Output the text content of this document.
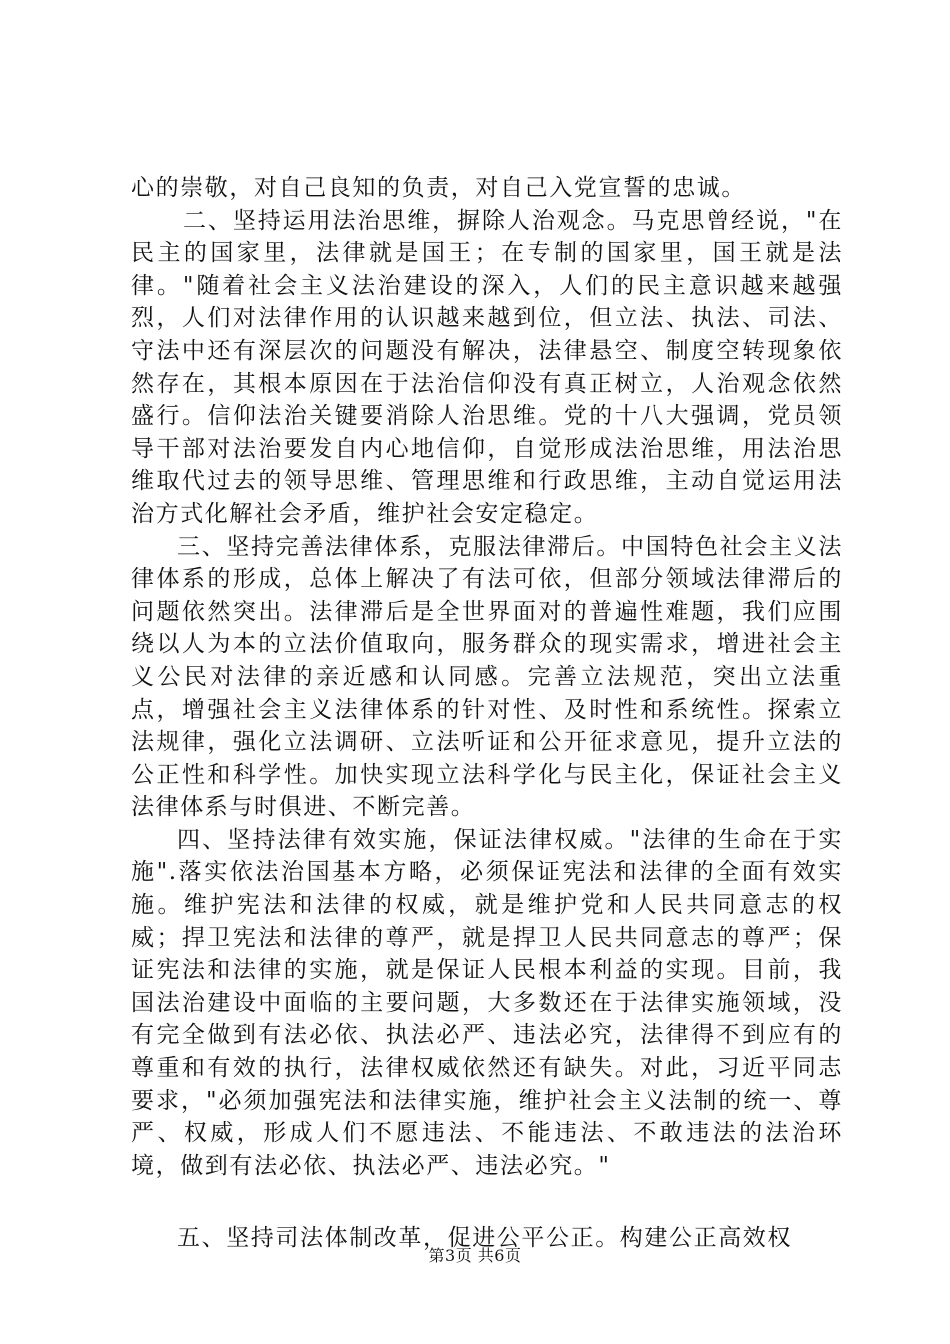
心的崇敬，对自己良知的负责，对自己入党宣誓的忠诚。

二、坚持运用法治思维，摒除人治观念。马克思曾经说，"在民主的国家里，法律就是国王；在专制的国家里，国王就是法律。"随着社会主义法治建设的深入，人们的民主意识越来越强烈，人们对法律作用的认识越来越到位，但立法、执法、司法、守法中还有深层次的问题没有解决，法律悬空、制度空转现象依然存在，其根本原因在于法治信仰没有真正树立，人治观念依然盛行。信仰法治关键要消除人治思维。党的十八大强调，党员领导干部对法治要发自内心地信仰，自觉形成法治思维，用法治思维取代过去的领导思维、管理思维和行政思维，主动自觉运用法治方式化解社会矛盾，维护社会安定稳定。

三、坚持完善法律体系，克服法律滞后。中国特色社会主义法律体系的形成，总体上解决了有法可依，但部分领域法律滞后的问题依然突出。法律滞后是全世界面对的普遍性难题，我们应围绕以人为本的立法价值取向，服务群众的现实需求，增进社会主义公民对法律的亲近感和认同感。完善立法规范，突出立法重点，增强社会主义法律体系的针对性、及时性和系统性。探索立法规律，强化立法调研、立法听证和公开征求意见，提升立法的公正性和科学性。加快实现立法科学化与民主化，保证社会主义法律体系与时俱进、不断完善。

四、坚持法律有效实施，保证法律权威。"法律的生命在于实施".落实依法治国基本方略，必须保证宪法和法律的全面有效实施。维护宪法和法律的权威，就是维护党和人民共同意志的权威；捍卫宪法和法律的尊严，就是捍卫人民共同意志的尊严；保证宪法和法律的实施，就是保证人民根本利益的实现。目前，我国法治建设中面临的主要问题，大多数还在于法律实施领域，没有完全做到有法必依、执法必严、违法必究，法律得不到应有的尊重和有效的执行，法律权威依然还有缺失。对此，习近平同志要求，"必须加强宪法和法律实施，维护社会主义法制的统一、尊严、权威，形成人们不愿违法、不能违法、不敢违法的法治环境，做到有法必依、执法必严、违法必究。"

五、坚持司法体制改革，促进公平公正。构建公正高效权

第3页 共6页
